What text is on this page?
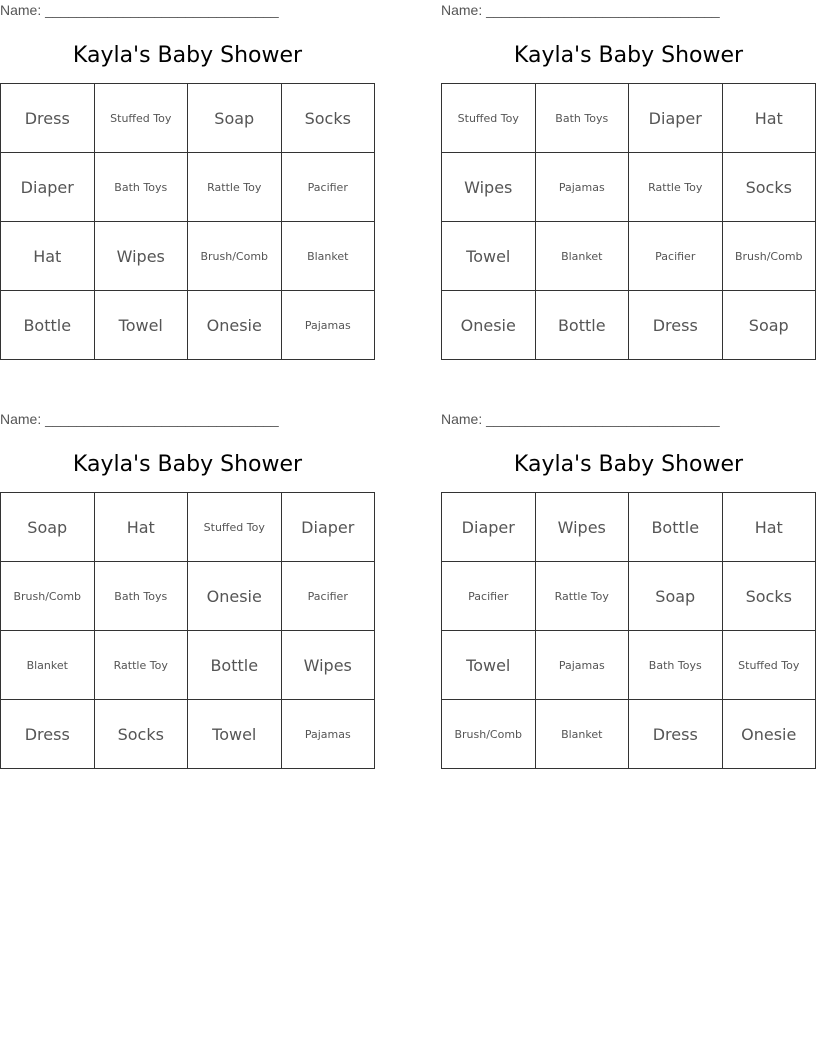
Name: ______________________________
Kayla's Baby Shower
Dress	Stuffed Toy	Soap	Socks
Diaper	Bath Toys	Rattle Toy	Pacifier
Hat	Wipes	Brush/Comb	Blanket
Bottle	Towel	Onesie	Pajamas
Name: ______________________________
Kayla's Baby Shower
Stuffed Toy	Bath Toys	Diaper	Hat
Wipes	Pajamas	Rattle Toy	Socks
Towel	Blanket	Pacifier	Brush/Comb
Onesie	Bottle	Dress	Soap
Name: ______________________________
Kayla's Baby Shower
Soap	Hat	Stuffed Toy	Diaper
Brush/Comb	Bath Toys	Onesie	Pacifier
Blanket	Rattle Toy	Bottle	Wipes
Dress	Socks	Towel	Pajamas
Name: ______________________________
Kayla's Baby Shower
Diaper	Wipes	Bottle	Hat
Pacifier	Rattle Toy	Soap	Socks
Towel	Pajamas	Bath Toys	Stuffed Toy
Brush/Comb	Blanket	Dress	Onesie
